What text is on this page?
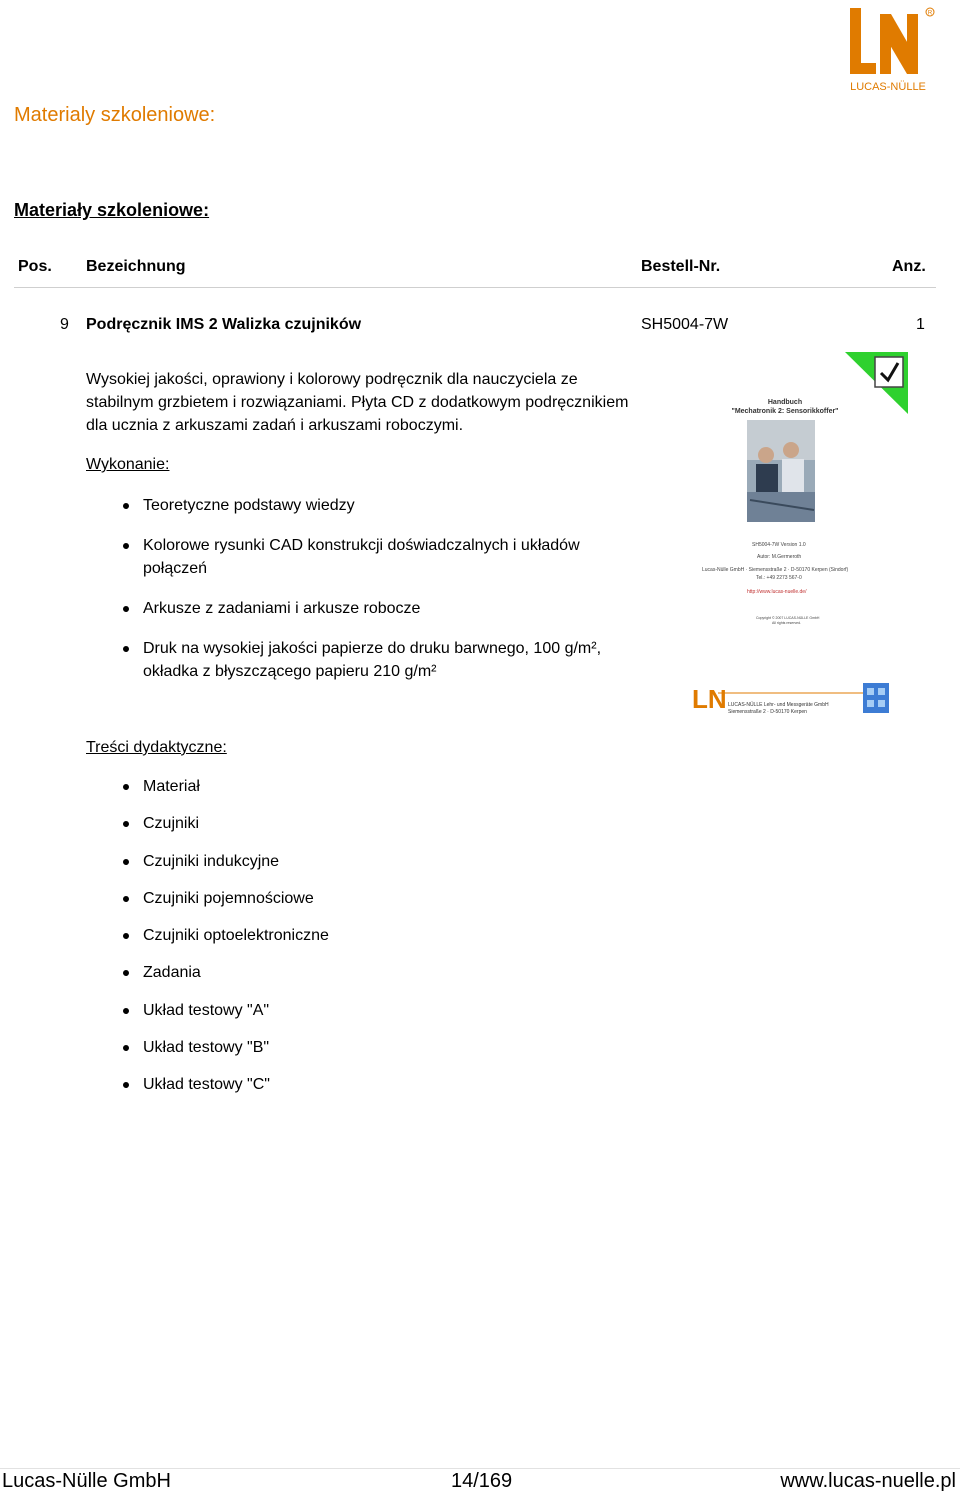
R
LUCAS-NÜLLE
Materialy szkoleniowe:
Materiały szkoleniowe:
Pos. Bezeichnung	Bestell-Nr.	Anz.
9 Podręcznik IMS 2 Walizka czujników	SH5004-7W	1
Wysokiej jakości, oprawiony i kolorowy podręcznik dla nauczyciela ze stabilnym grzbietem i rozwiązaniami. Płyta CD z dodatkowym podręcznikiem dla ucznia z arkuszami zadań i arkuszami roboczymi.
Wykonanie:
Teoretyczne podstawy wiedzy
Kolorowe rysunki CAD konstrukcji doświadczalnych i układów połączeń
Arkusze z zadaniami i arkusze robocze
Druk na wysokiej jakości papierze do druku barwnego, 100 g/m², okładka z błyszczącego papieru 210 g/m²
Treści dydaktyczne:
Materiał
Czujniki
Czujniki indukcyjne
Czujniki pojemnościowe
Czujniki optoelektroniczne
Zadania
Układ testowy "A"
Układ testowy "B"
Układ testowy "C"
Handbuch
"Mechatronik 2: Sensorikkoffer"
SH5004-7W Version 1.0
Autor: M.Germeroth
Lucas-Nülle GmbH · Siemensstraße 2 · D-50170 Kerpen (Sindorf)
Tel.: +49 2273 567-0
http://www.lucas-nuelle.de/
Copyright © 2007 LUCAS-NÜLLE GmbH
All rights reserved.
LN LUCAS-NÜLLE Lehr- und Messgeräte GmbH
Siemensstraße 2 · D-50170 Kerpen
Lucas-Nülle GmbH	14/169	www.lucas-nuelle.pl
